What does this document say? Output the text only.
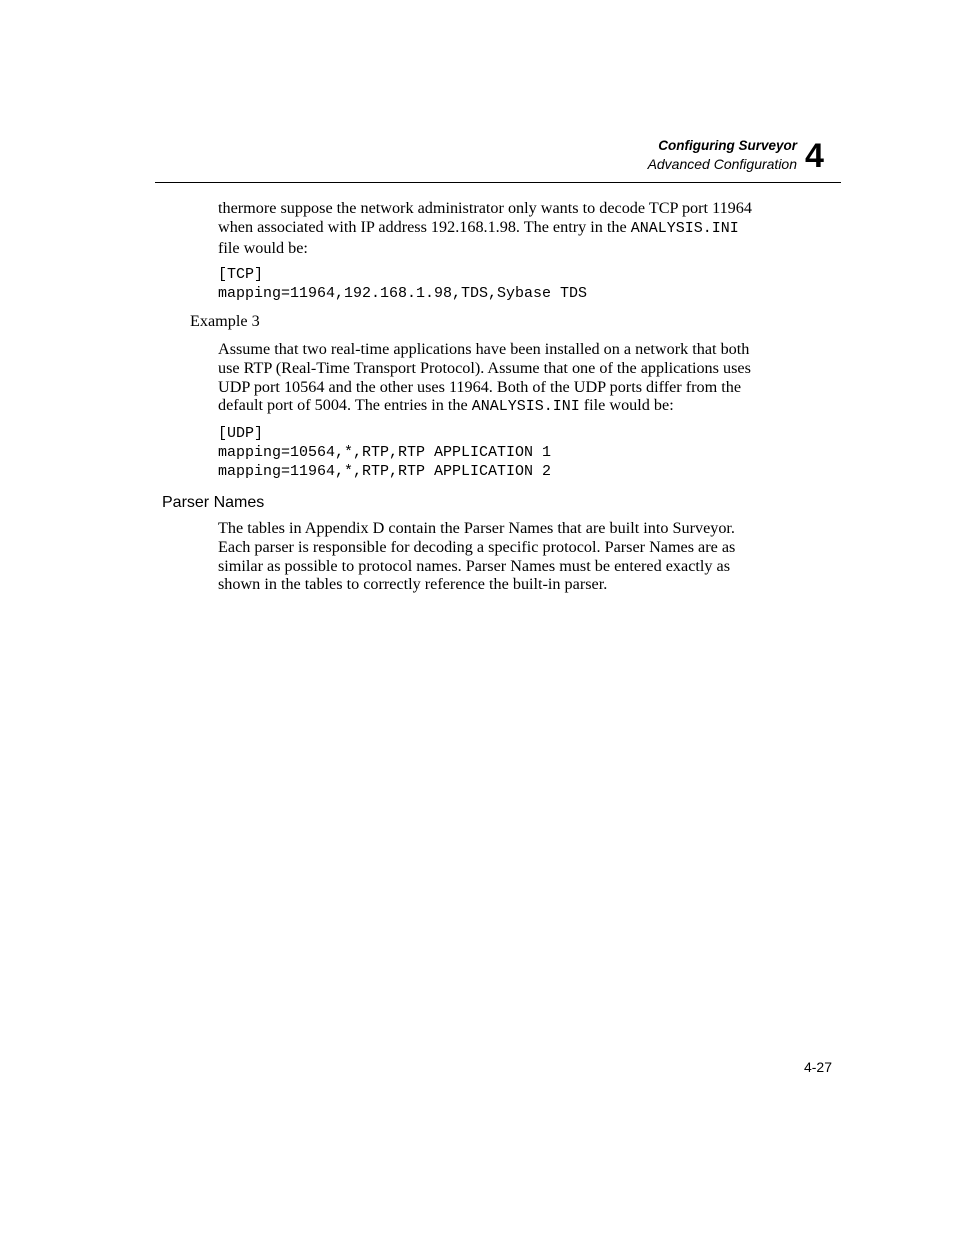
Configuring Surveyor
Advanced Configuration 4

thermore suppose the network administrator only wants to decode TCP port 11964
when associated with IP address 192.168.1.98. The entry in the ANALYSIS.INI
file would be:

[TCP]
mapping=11964,192.168.1.98,TDS,Sybase TDS

Example 3

Assume that two real-time applications have been installed on a network that both
use RTP (Real-Time Transport Protocol). Assume that one of the applications uses
UDP port 10564 and the other uses 11964. Both of the UDP ports differ from the
default port of 5004. The entries in the ANALYSIS.INI file would be:

[UDP]
mapping=10564,*,RTP,RTP APPLICATION 1
mapping=11964,*,RTP,RTP APPLICATION 2
Parser Names

The tables in Appendix D contain the Parser Names that are built into Surveyor.
Each parser is responsible for decoding a specific protocol. Parser Names are as
similar as possible to protocol names. Parser Names must be entered exactly as
shown in the tables to correctly reference the built-in parser.

4-27
